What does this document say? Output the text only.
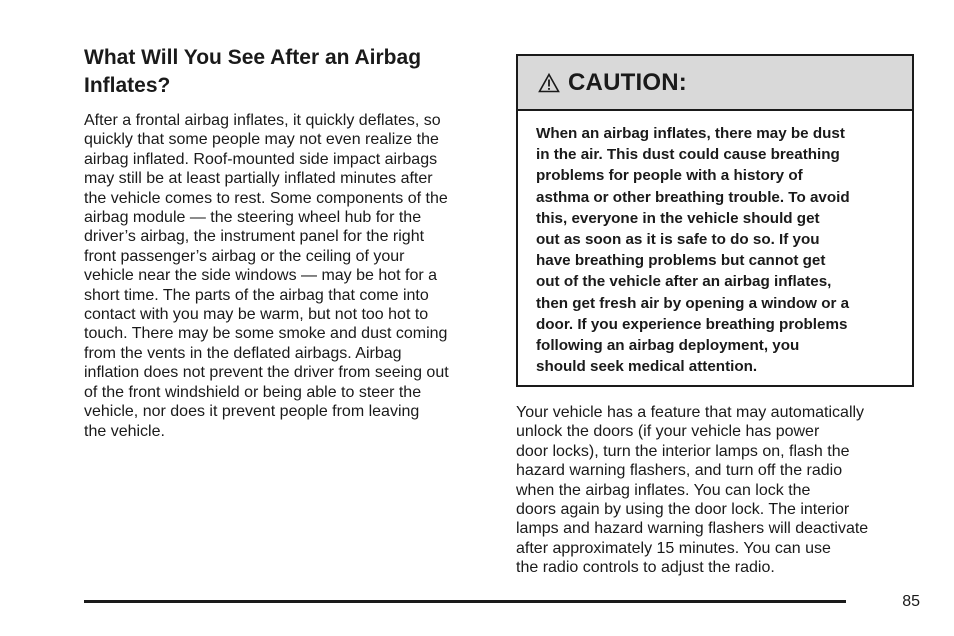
What Will You See After an Airbag
Inflates?
After a frontal airbag inflates, it quickly deflates, so
quickly that some people may not even realize the
airbag inflated. Roof-mounted side impact airbags
may still be at least partially inflated minutes after
the vehicle comes to rest. Some components of the
airbag module — the steering wheel hub for the
driver’s airbag, the instrument panel for the right
front passenger’s airbag or the ceiling of your
vehicle near the side windows — may be hot for a
short time. The parts of the airbag that come into
contact with you may be warm, but not too hot to
touch. There may be some smoke and dust coming
from the vents in the deflated airbags. Airbag
inflation does not prevent the driver from seeing out
of the front windshield or being able to steer the
vehicle, nor does it prevent people from leaving
the vehicle.
CAUTION:
When an airbag inflates, there may be dust
in the air. This dust could cause breathing
problems for people with a history of
asthma or other breathing trouble. To avoid
this, everyone in the vehicle should get
out as soon as it is safe to do so. If you
have breathing problems but cannot get
out of the vehicle after an airbag inflates,
then get fresh air by opening a window or a
door. If you experience breathing problems
following an airbag deployment, you
should seek medical attention.
Your vehicle has a feature that may automatically
unlock the doors (if your vehicle has power
door locks), turn the interior lamps on, flash the
hazard warning flashers, and turn off the radio
when the airbag inflates. You can lock the
doors again by using the door lock. The interior
lamps and hazard warning flashers will deactivate
after approximately 15 minutes. You can use
the radio controls to adjust the radio.
85
